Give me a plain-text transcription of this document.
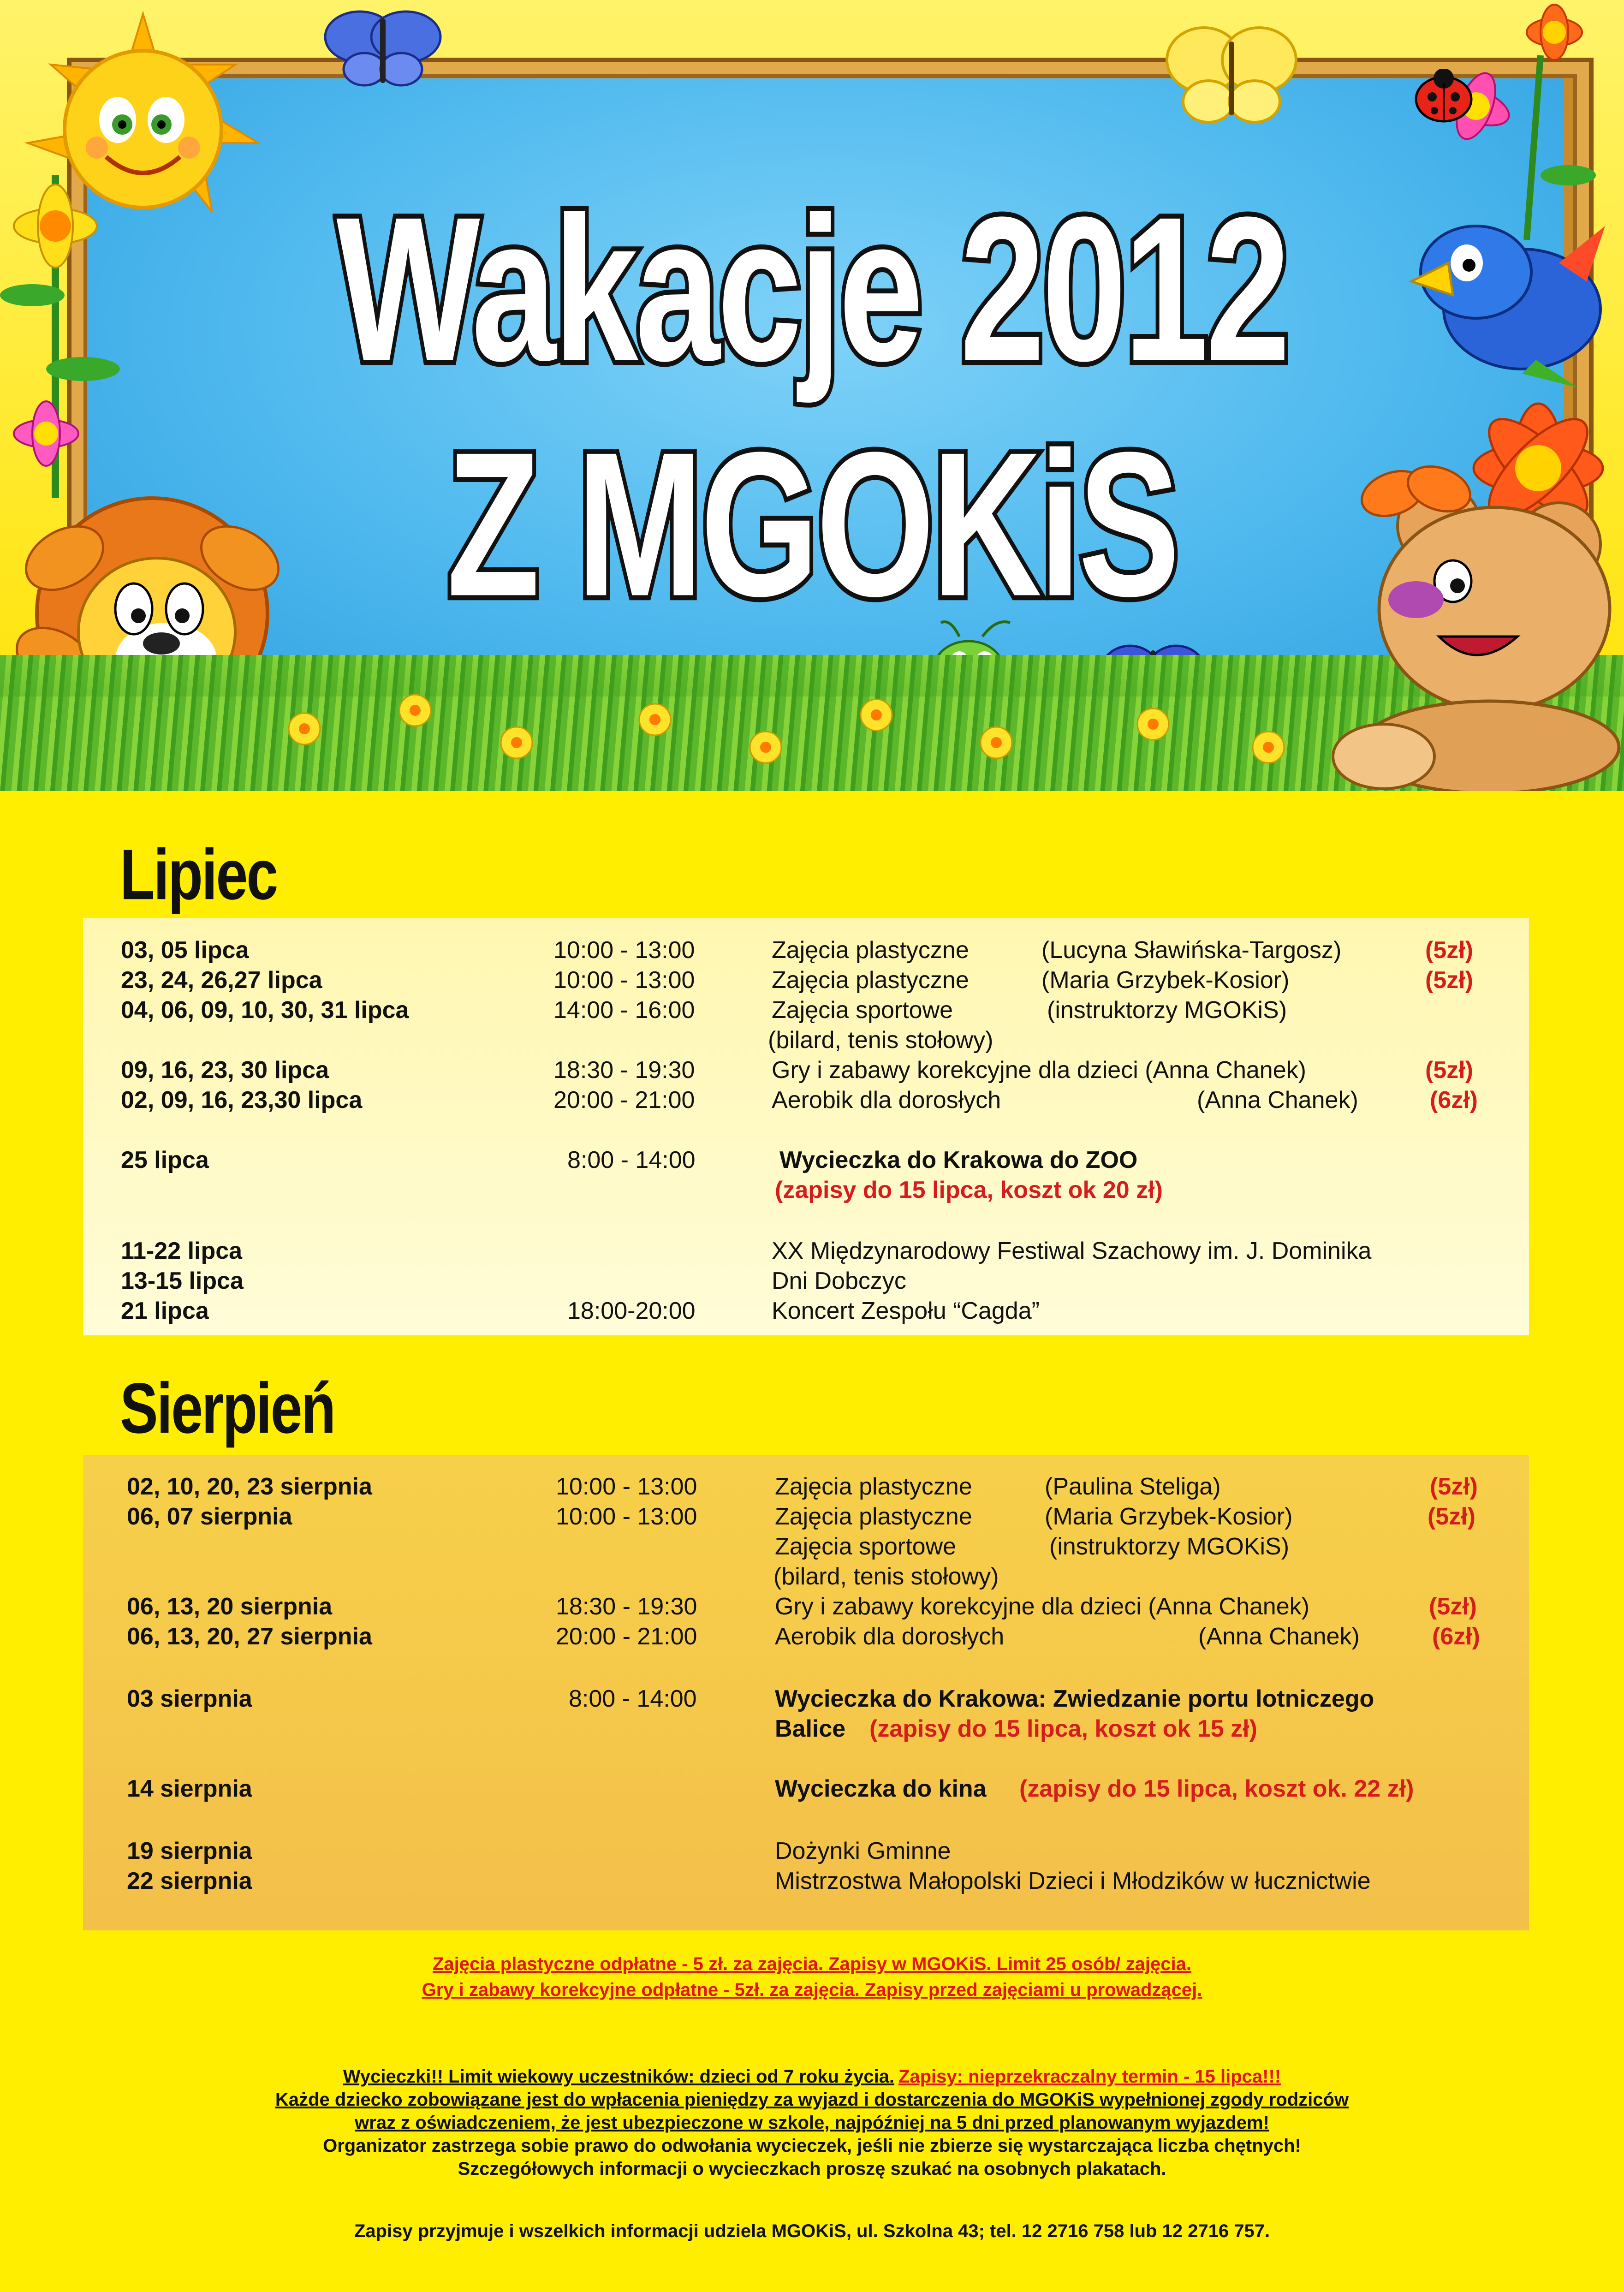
Wakacje 2012
Z MGOKiS
Lipiec
03, 05 lipca	10:00 - 13:00	Zajęcia plastyczne	(Lucyna Sławińska-Targosz)	(5zł)
23, 24, 26,27 lipca	10:00 - 13:00	Zajęcia plastyczne	(Maria Grzybek-Kosior)	(5zł)
04, 06, 09, 10, 30, 31 lipca	14:00 - 16:00	Zajęcia sportowe	(instruktorzy MGOKiS)
(bilard, tenis stołowy)
09, 16, 23, 30 lipca	18:30 - 19:30	Gry i zabawy korekcyjne dla dzieci (Anna Chanek)	(5zł)
02, 09, 16, 23,30 lipca	20:00 - 21:00	Aerobik dla dorosłych	(Anna Chanek)	(6zł)
25 lipca	8:00 - 14:00	Wycieczka do Krakowa do ZOO
(zapisy do 15 lipca, koszt ok 20 zł)
11-22 lipca	XX Międzynarodowy Festiwal Szachowy im. J. Dominika
13-15 lipca	Dni Dobczyc
21 lipca	18:00-20:00	Koncert Zespołu “Cagda”
Sierpień
02, 10, 20, 23 sierpnia	10:00 - 13:00	Zajęcia plastyczne	(Paulina Steliga)	(5zł)
06, 07 sierpnia	10:00 - 13:00	Zajęcia plastyczne	(Maria Grzybek-Kosior)	(5zł)
Zajęcia sportowe	(instruktorzy MGOKiS)
(bilard, tenis stołowy)
06, 13, 20 sierpnia	18:30 - 19:30	Gry i zabawy korekcyjne dla dzieci (Anna Chanek)	(5zł)
06, 13, 20, 27 sierpnia	20:00 - 21:00	Aerobik dla dorosłych	(Anna Chanek)	(6zł)
03 sierpnia	8:00 - 14:00	Wycieczka do Krakowa: Zwiedzanie portu lotniczego
Balice (zapisy do 15 lipca, koszt ok 15 zł)
14 sierpnia	Wycieczka do kina (zapisy do 15 lipca, koszt ok. 22 zł)
19 sierpnia	Dożynki Gminne
22 sierpnia	Mistrzostwa Małopolski Dzieci i Młodzików w łucznictwie
Zajęcia plastyczne odpłatne - 5 zł. za zajęcia. Zapisy w MGOKiS. Limit 25 osób/ zajęcia.
Gry i zabawy korekcyjne odpłatne - 5zł. za zajęcia. Zapisy przed zajęciami u prowadzącej.
Wycieczki!! Limit wiekowy uczestników: dzieci od 7 roku życia. Zapisy: nieprzekraczalny termin - 15 lipca!!!
Każde dziecko zobowiązane jest do wpłacenia pieniędzy za wyjazd i dostarczenia do MGOKiS wypełnionej zgody rodziców
wraz z oświadczeniem, że jest ubezpieczone w szkole, najpóźniej na 5 dni przed planowanym wyjazdem!
Organizator zastrzega sobie prawo do odwołania wycieczek, jeśli nie zbierze się wystarczająca liczba chętnych!
Szczegółowych informacji o wycieczkach proszę szukać na osobnych plakatach.
Zapisy przyjmuje i wszelkich informacji udziela MGOKiS, ul. Szkolna 43; tel. 12 2716 758 lub 12 2716 757.
